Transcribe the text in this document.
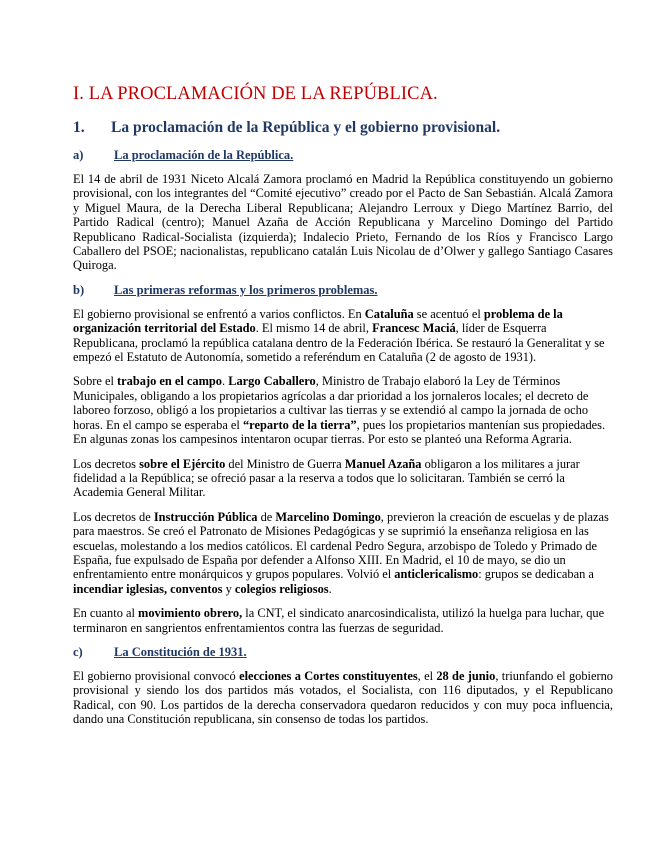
I. LA PROCLAMACIÓN DE LA REPÚBLICA.
1.	La proclamación de la República y el gobierno provisional.
a)	La proclamación de la República.

El 14 de abril de 1931 Niceto Alcalá Zamora proclamó en Madrid la República constituyendo un gobierno provisional, con los integrantes del “Comité ejecutivo” creado por el Pacto de San Sebastián. Alcalá Zamora y Miguel Maura, de la Derecha Liberal Republicana; Alejandro Lerroux y Diego Martínez Barrio, del Partido Radical (centro); Manuel Azaña de Acción Republicana y Marcelino Domingo del Partido Republicano Radical-Socialista (izquierda); Indalecio Prieto, Fernando de los Ríos y Francisco Largo Caballero del PSOE; nacionalistas, republicano catalán Luis Nicolau de d’Olwer y gallego Santiago Casares Quiroga.

b)	Las primeras reformas y los primeros problemas.

El gobierno provisional se enfrentó a varios conflictos. En Cataluña se acentuó el problema de la organización territorial del Estado. El mismo 14 de abril, Francesc Maciá, líder de Esquerra Republicana, proclamó la república catalana dentro de la Federación Ibérica. Se restauró la Generalitat y se empezó el Estatuto de Autonomía, sometido a referéndum en Cataluña (2 de agosto de 1931).

Sobre el trabajo en el campo. Largo Caballero, Ministro de Trabajo elaboró la Ley de Términos Municipales, obligando a los propietarios agrícolas a dar prioridad a los jornaleros locales; el decreto de laboreo forzoso, obligó a los propietarios a cultivar las tierras y se extendió al campo la jornada de ocho horas. En el campo se esperaba el “reparto de la tierra”, pues los propietarios mantenían sus propiedades. En algunas zonas los campesinos intentaron ocupar tierras. Por esto se planteó una Reforma Agraria.

Los decretos sobre el Ejército del Ministro de Guerra Manuel Azaña obligaron a los militares a jurar fidelidad a la República; se ofreció pasar a la reserva a todos que lo solicitaran. También se cerró la Academia General Militar.

Los decretos de Instrucción Pública de Marcelino Domingo, previeron la creación de escuelas y de plazas para maestros. Se creó el Patronato de Misiones Pedagógicas y se suprimió la enseñanza religiosa en las escuelas, molestando a los medios católicos. El cardenal Pedro Segura, arzobispo de Toledo y Primado de España, fue expulsado de España por defender a Alfonso XIII. En Madrid, el 10 de mayo, se dio un enfrentamiento entre monárquicos y grupos populares. Volvió el anticlericalismo: grupos se dedicaban a incendiar iglesias, conventos y colegios religiosos.

En cuanto al movimiento obrero, la CNT, el sindicato anarcosindicalista, utilizó la huelga para luchar, que terminaron en sangrientos enfrentamientos contra las fuerzas de seguridad.

c)	La Constitución de 1931.

El gobierno provisional convocó elecciones a Cortes constituyentes, el 28 de junio, triunfando el gobierno provisional y siendo los dos partidos más votados, el Socialista, con 116 diputados, y el Republicano Radical, con 90. Los partidos de la derecha conservadora quedaron reducidos y con muy poca influencia, dando una Constitución republicana, sin consenso de todas los partidos.
